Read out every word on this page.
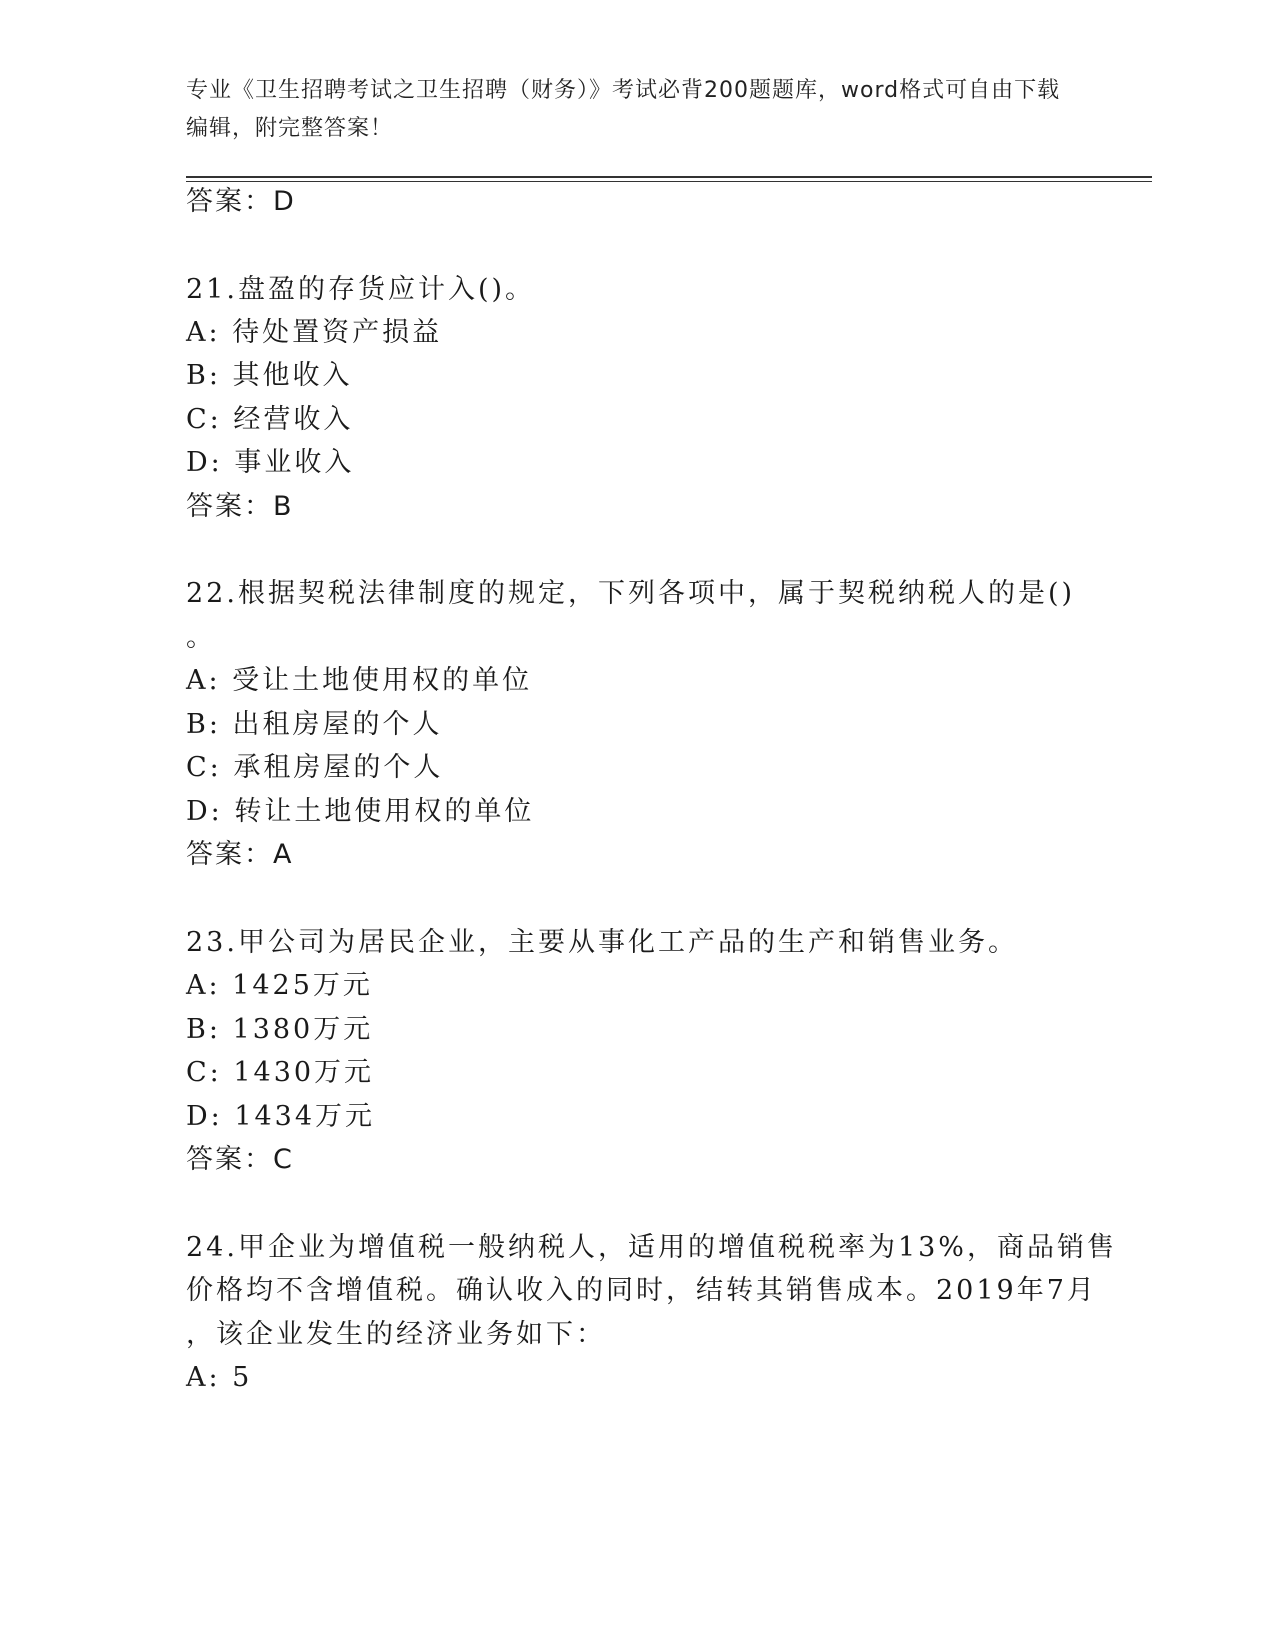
专业《卫生招聘考试之卫生招聘（财务）》考试必背200题题库，word格式可自由下载编辑，附完整答案！
答案：D
21.盘盈的存货应计入()。
A: 待处置资产损益
B: 其他收入
C: 经营收入
D: 事业收入
答案：B
22.根据契税法律制度的规定，下列各项中，属于契税纳税人的是()
。
A: 受让土地使用权的单位
B: 出租房屋的个人
C: 承租房屋的个人
D: 转让土地使用权的单位
答案：A
23.甲公司为居民企业，主要从事化工产品的生产和销售业务。
A: 1425万元
B: 1380万元
C: 1430万元
D: 1434万元
答案：C
24.甲企业为增值税一般纳税人，适用的增值税税率为13%，商品销售
价格均不含增值税。确认收入的同时，结转其销售成本。2019年7月
，该企业发生的经济业务如下：
A: 5
